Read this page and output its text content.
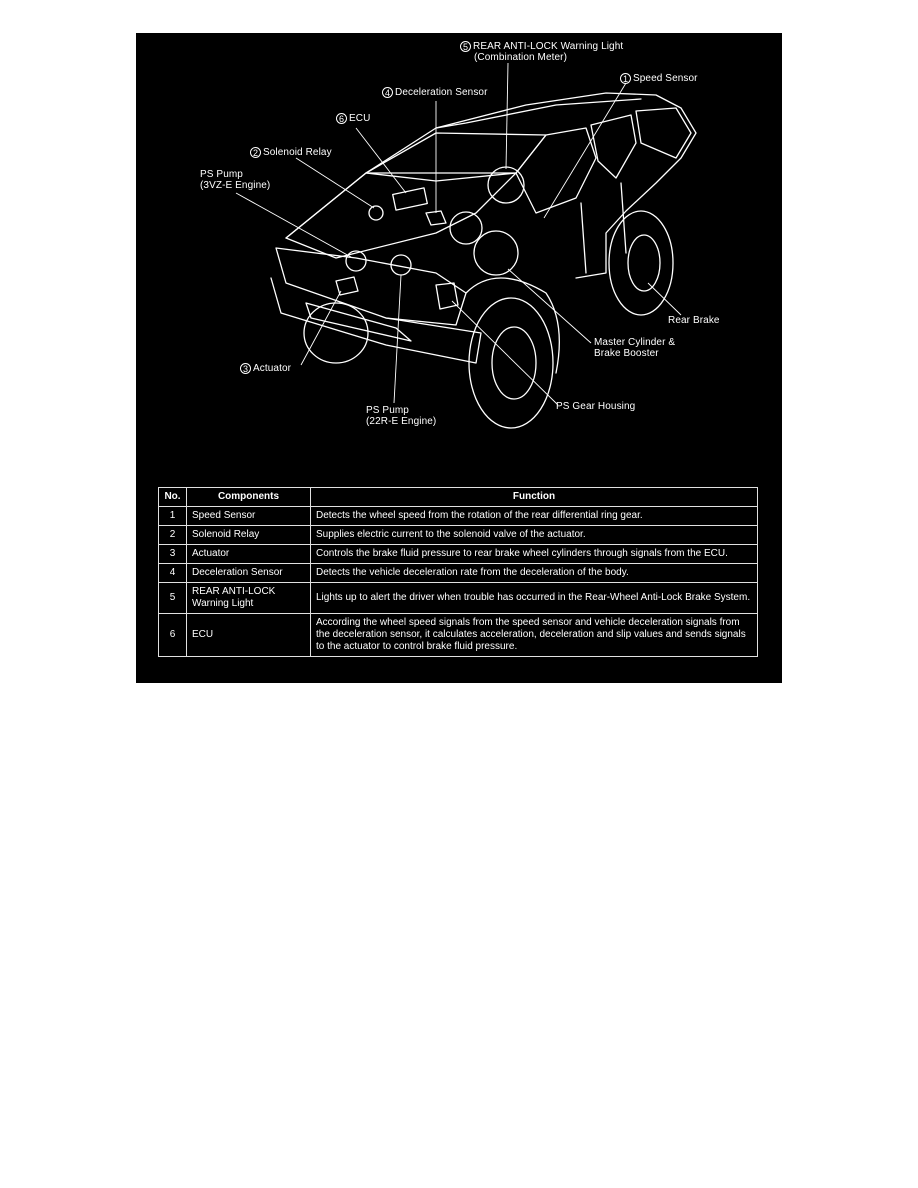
5 REAR ANTI-LOCK Warning Light
(Combination Meter)
1 Speed Sensor
4 Deceleration Sensor
6 ECU
2 Solenoid Relay
PS Pump
(3VZ-E Engine)
Rear Brake
Master Cylinder &
Brake Booster
3 Actuator
PS Gear Housing
PS Pump
(22R-E Engine)
No.	Components	Function
1	Speed Sensor	Detects the wheel speed from the rotation of the rear differential ring gear.
2	Solenoid Relay	Supplies electric current to the solenoid valve of the actuator.
3	Actuator	Controls the brake fluid pressure to rear brake wheel cylinders through signals from the ECU.
4	Deceleration Sensor	Detects the vehicle deceleration rate from the deceleration of the body.
5	REAR ANTI-LOCK Warning Light	Lights up to alert the driver when trouble has occurred in the Rear-Wheel Anti-Lock Brake System.
6	ECU	According the wheel speed signals from the speed sensor and vehicle deceleration signals from the deceleration sensor, it calculates acceleration, deceleration and slip values and sends signals to the actuator to control brake fluid pressure.
